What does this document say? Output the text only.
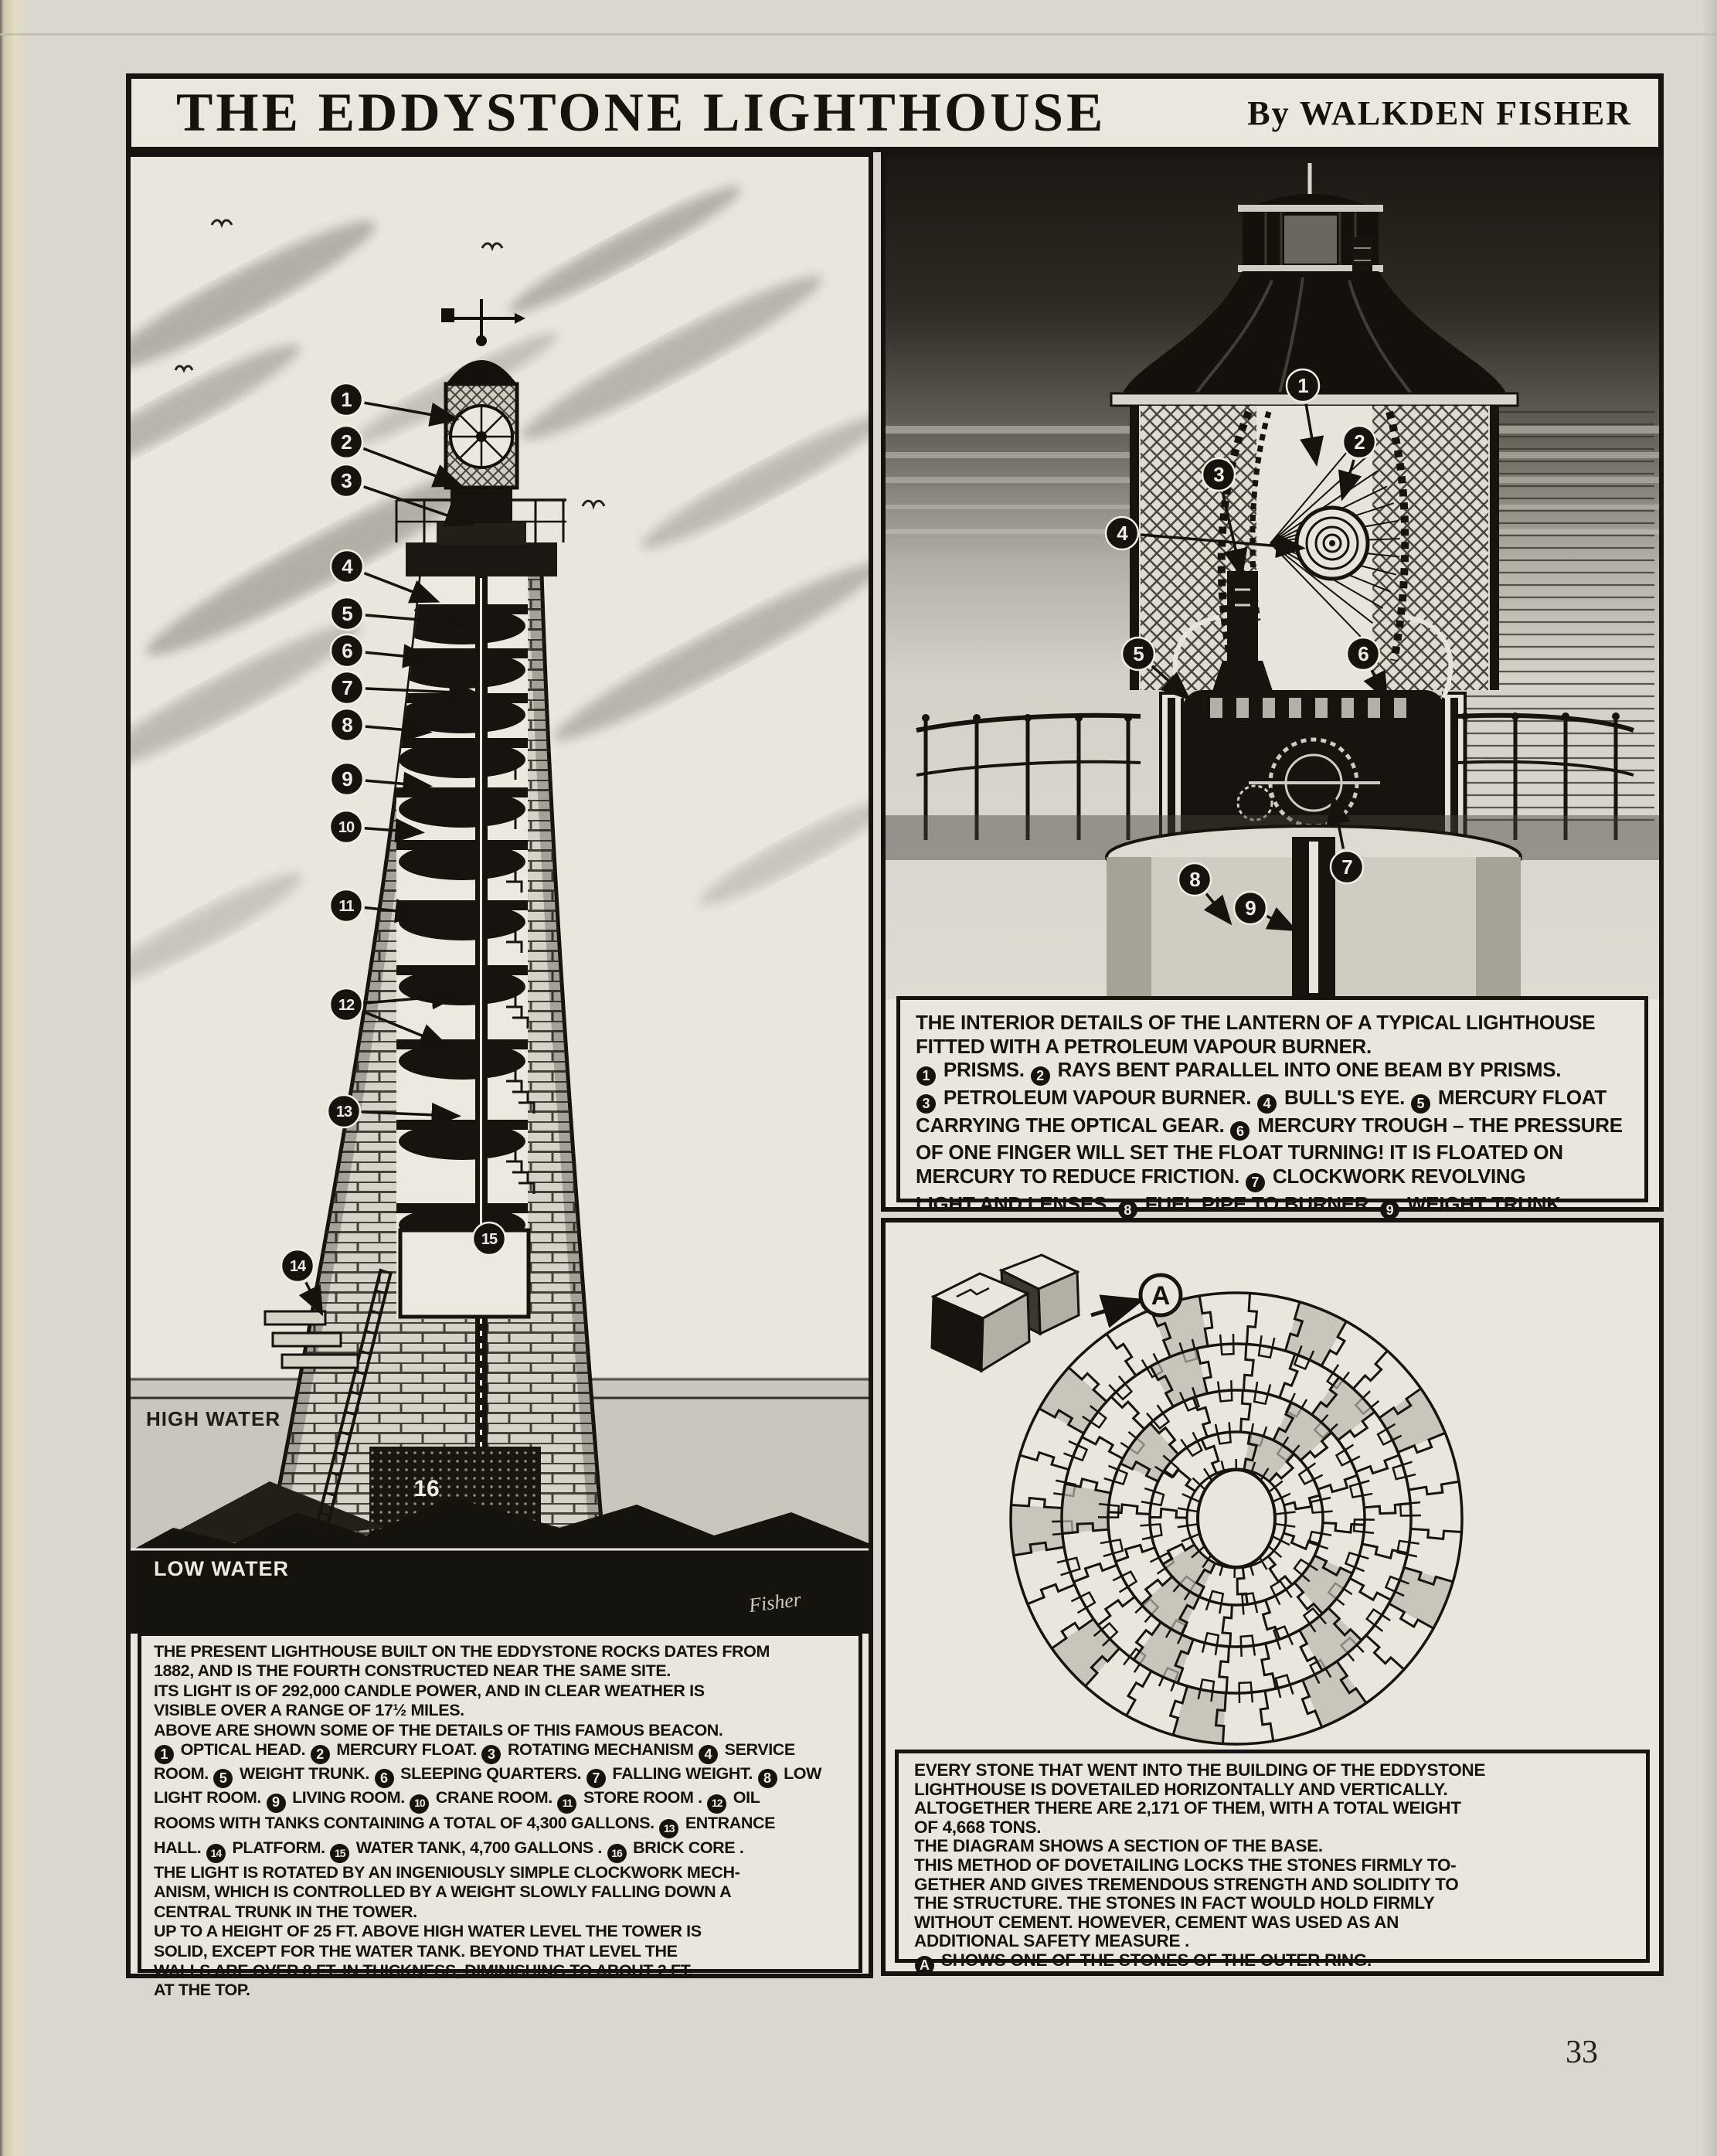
THE EDDYSTONE LIGHTHOUSE	By WALKDEN FISHER
1
2
3
4
5
6
7
8
9
10
11
12
13
14
15
16
HIGH WATER
LOW WATER
Fisher
THE PRESENT LIGHTHOUSE BUILT ON THE EDDYSTONE ROCKS DATES FROM
1882, AND IS THE FOURTH CONSTRUCTED NEAR THE SAME SITE.
ITS LIGHT IS OF 292,000 CANDLE POWER, AND IN CLEAR WEATHER IS
VISIBLE OVER A RANGE OF 17½ MILES.
ABOVE ARE SHOWN SOME OF THE DETAILS OF THIS FAMOUS BEACON.
1 OPTICAL HEAD. 2 MERCURY FLOAT. 3 ROTATING MECHANISM 4 SERVICE
ROOM. 5 WEIGHT TRUNK. 6 SLEEPING QUARTERS. 7 FALLING WEIGHT. 8 LOW
LIGHT ROOM. 9 LIVING ROOM. 10 CRANE ROOM. 11 STORE ROOM . 12 OIL
ROOMS WITH TANKS CONTAINING A TOTAL OF 4,300 GALLONS. 13 ENTRANCE
HALL. 14 PLATFORM. 15 WATER TANK, 4,700 GALLONS . 16 BRICK CORE .
THE LIGHT IS ROTATED BY AN INGENIOUSLY SIMPLE CLOCKWORK MECH-
ANISM, WHICH IS CONTROLLED BY A WEIGHT SLOWLY FALLING DOWN A
CENTRAL TRUNK IN THE TOWER.
UP TO A HEIGHT OF 25 FT. ABOVE HIGH WATER LEVEL THE TOWER IS
SOLID, EXCEPT FOR THE WATER TANK. BEYOND THAT LEVEL THE
WALLS ARE OVER 8 FT. IN THICKNESS, DIMINISHING TO ABOUT 2 FT.
AT THE TOP.
1
2
3
4
5	6
7
8
9
THE INTERIOR DETAILS OF THE LANTERN OF A TYPICAL LIGHTHOUSE
FITTED WITH A PETROLEUM VAPOUR BURNER.
1 PRISMS. 2 RAYS BENT PARALLEL INTO ONE BEAM BY PRISMS.
3 PETROLEUM VAPOUR BURNER. 4 BULL'S EYE. 5 MERCURY FLOAT
CARRYING THE OPTICAL GEAR. 6 MERCURY TROUGH – THE PRESSURE
OF ONE FINGER WILL SET THE FLOAT TURNING! IT IS FLOATED ON
MERCURY TO REDUCE FRICTION. 7 CLOCKWORK REVOLVING
LIGHT AND LENSES. 8 FUEL PIPE TO BURNER. 9 WEIGHT TRUNK.
A
EVERY STONE THAT WENT INTO THE BUILDING OF THE EDDYSTONE
LIGHTHOUSE IS DOVETAILED HORIZONTALLY AND VERTICALLY.
ALTOGETHER THERE ARE 2,171 OF THEM, WITH A TOTAL WEIGHT
OF 4,668 TONS.
THE DIAGRAM SHOWS A SECTION OF THE BASE.
THIS METHOD OF DOVETAILING LOCKS THE STONES FIRMLY TO-
GETHER AND GIVES TREMENDOUS STRENGTH AND SOLIDITY TO
THE STRUCTURE. THE STONES IN FACT WOULD HOLD FIRMLY
WITHOUT CEMENT. HOWEVER, CEMENT WAS USED AS AN
ADDITIONAL SAFETY MEASURE .
A SHOWS ONE OF THE STONES OF THE OUTER RING.
33
